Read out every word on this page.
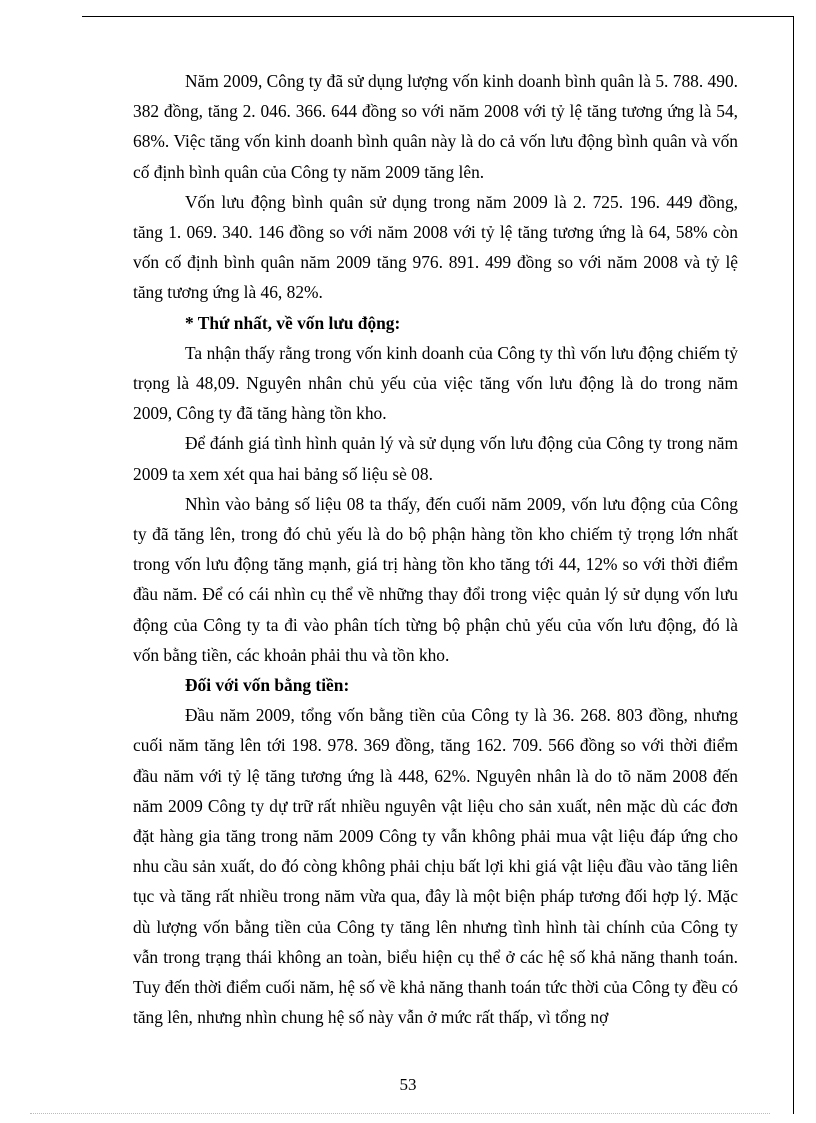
Năm 2009, Công ty đã sử dụng lượng vốn kinh doanh bình quân là 5. 788. 490. 382 đồng, tăng 2. 046. 366. 644 đồng so với năm 2008 với tỷ lệ tăng tương ứng là 54, 68%. Việc tăng vốn kinh doanh bình quân này là do cả vốn lưu động bình quân và vốn cố định bình quân của Công ty năm 2009 tăng lên.

Vốn lưu động bình quân sử dụng trong năm 2009 là 2. 725. 196. 449 đồng, tăng 1. 069. 340. 146 đồng so với năm 2008 với tỷ lệ tăng tương ứng là 64, 58% còn vốn cố định bình quân năm 2009 tăng 976. 891. 499 đồng so với năm 2008 và tỷ lệ tăng tương ứng là 46, 82%.

* Thứ nhất, về vốn lưu động:

Ta nhận thấy rằng trong vốn kinh doanh của Công ty thì vốn lưu động chiếm tỷ trọng là 48,09. Nguyên nhân chủ yếu của việc tăng vốn lưu động là do trong năm 2009, Công ty đã tăng hàng tồn kho.

Để đánh giá tình hình quản lý và sử dụng vốn lưu động của Công ty trong năm 2009 ta xem xét qua hai bảng số liệu sè 08.

Nhìn vào bảng số liệu 08 ta thấy, đến cuối năm 2009, vốn lưu động của Công ty đã tăng lên, trong đó chủ yếu là do bộ phận hàng tồn kho chiếm tỷ trọng lớn nhất trong vốn lưu động tăng mạnh, giá trị hàng tồn kho tăng tới 44, 12% so với thời điểm đầu năm. Để có cái nhìn cụ thể về những thay đổi trong việc quản lý sử dụng vốn lưu động của Công ty ta đi vào phân tích từng bộ phận chủ yếu của vốn lưu động, đó là vốn bằng tiền, các khoản phải thu và tồn kho.

Đối với vốn bằng tiền:

Đầu năm 2009, tổng vốn bằng tiền của Công ty là 36. 268. 803 đồng, nhưng cuối năm tăng lên tới 198. 978. 369 đồng, tăng 162. 709. 566 đồng so với thời điểm đầu năm với tỷ lệ tăng tương ứng là 448, 62%. Nguyên nhân là do tõ năm 2008 đến năm 2009 Công ty dự trữ rất nhiều nguyên vật liệu cho sản xuất, nên mặc dù các đơn đặt hàng gia tăng trong năm 2009 Công ty vẫn không phải mua vật liệu đáp ứng cho nhu cầu sản xuất, do đó còng không phải chịu bất lợi khi giá vật liệu đầu vào tăng liên tục và tăng rất nhiều trong năm vừa qua, đây là một biện pháp tương đối hợp lý. Mặc dù lượng vốn bằng tiền của Công ty tăng lên nhưng tình hình tài chính của Công ty vẫn trong trạng thái không an toàn, biểu hiện cụ thể ở các hệ số khả năng thanh toán. Tuy đến thời điểm cuối năm, hệ số về khả năng thanh toán tức thời của Công ty đều có tăng lên, nhưng nhìn chung hệ số này vẫn ở mức rất thấp, vì tổng nợ

53
